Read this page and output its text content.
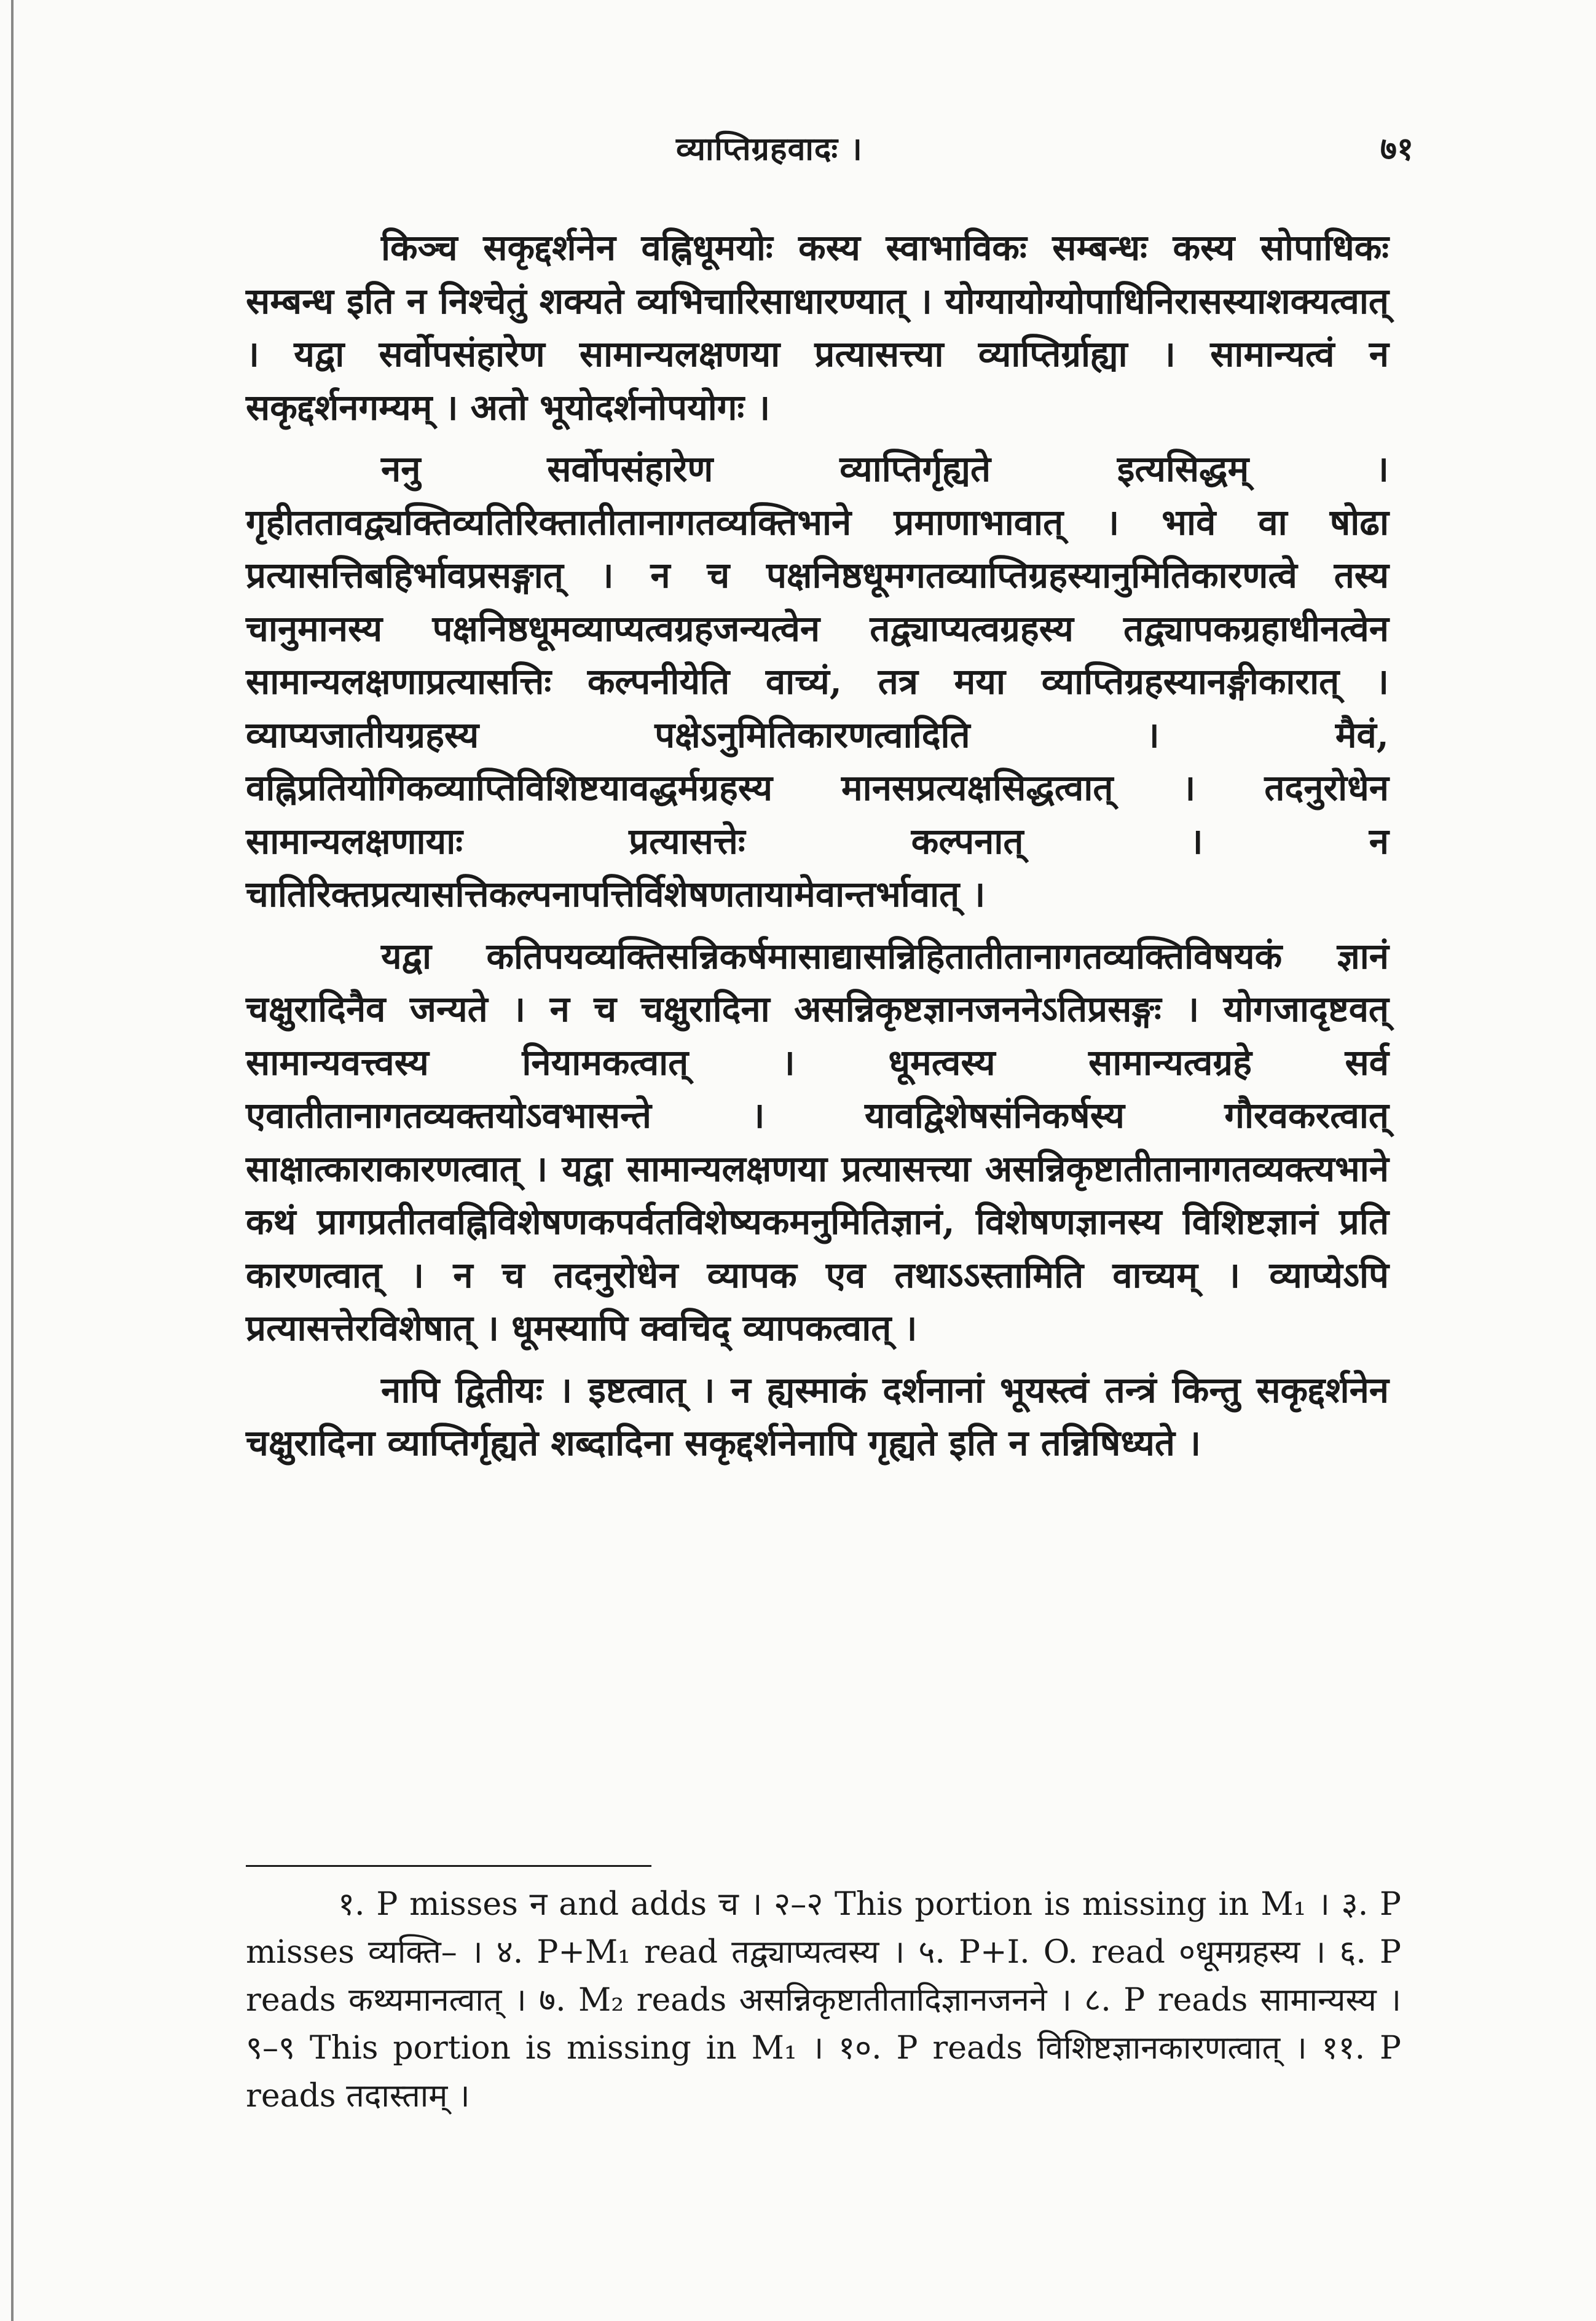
व्याप्तिग्रहवादः ।	७१

किञ्च सकृद्दर्शनेन वह्निधूमयोः कस्य स्वाभाविकः सम्बन्धः कस्य सोपाधिकः सम्बन्ध इति न निश्चेतुं शक्यते व्यभिचारिसाधारण्यात् । योग्यायोग्योपाधिनिरासस्याशक्यत्वात् । यद्वा सर्वोपसंहारेण सामान्यलक्षणया प्रत्यासत्त्या व्याप्तिर्ग्राह्या । सामान्यत्वं न सकृद्दर्शनगम्यम् । अतो भूयोदर्शनोपयोगः ।

ननु सर्वोपसंहारेण व्याप्तिर्गृह्यते इत्यसिद्धम् । गृहीततावद्व्यक्तिव्यतिरिक्तातीतानागतव्यक्तिभाने प्रमाणाभावात् । भावे वा षोढा प्रत्यासत्तिबहिर्भावप्रसङ्गात् । न च पक्षनिष्ठधूमगतव्याप्तिग्रहस्यानुमितिकारणत्वे तस्य चानुमानस्य पक्षनिष्ठधूमव्याप्यत्वग्रहजन्यत्वेन तद्व्याप्यत्वग्रहस्य तद्व्यापकग्रहाधीनत्वेन सामान्यलक्षणाप्रत्यासत्तिः कल्पनीयेति वाच्यं, तत्र मया व्याप्तिग्रहस्यानङ्गीकारात् । व्याप्यजातीयग्रहस्य पक्षेऽनुमितिकारणत्वादिति । मैवं, वह्निप्रतियोगिकव्याप्तिविशिष्टयावद्धर्मग्रहस्य मानसप्रत्यक्षसिद्धत्वात् । तदनुरोधेन सामान्यलक्षणायाः प्रत्यासत्तेः कल्पनात् । न चातिरिक्तप्रत्यासत्तिकल्पनापत्तिर्विशेषणतायामेवान्तर्भावात् ।

यद्वा कतिपयव्यक्तिसन्निकर्षमासाद्यासन्निहितातीतानागतव्यक्तिविषयकं ज्ञानं चक्षुरादिनैव जन्यते । न च चक्षुरादिना असन्निकृष्टज्ञानजननेऽतिप्रसङ्गः । योगजादृष्टवत् सामान्यवत्त्वस्य नियामकत्वात् । धूमत्वस्य सामान्यत्वग्रहे सर्व एवातीतानागतव्यक्तयोऽवभासन्ते । यावद्विशेषसंनिकर्षस्य गौरवकरत्वात् साक्षात्काराकारणत्वात् । यद्वा सामान्यलक्षणया प्रत्यासत्त्या असन्निकृष्टातीतानागतव्यक्त्यभाने कथं प्रागप्रतीतवह्निविशेषणकपर्वतविशेष्यकमनुमितिज्ञानं, विशेषणज्ञानस्य विशिष्टज्ञानं प्रति कारणत्वात् । न च तदनुरोधेन व्यापक एव तथाऽऽस्तामिति वाच्यम् । व्याप्येऽपि प्रत्यासत्तेरविशेषात् । धूमस्यापि क्वचिद् व्यापकत्वात् ।

नापि द्वितीयः । इष्टत्वात् । न ह्यस्माकं दर्शनानां भूयस्त्वं तन्त्रं किन्तु सकृद्दर्शनेन चक्षुरादिना व्याप्तिर्गृह्यते शब्दादिना सकृद्दर्शनेनापि गृह्यते इति न तन्निषिध्यते ।

१. P misses न and adds च । २–२ This portion is missing in M₁ । ३. P misses व्यक्ति– । ४. P+M₁ read तद्व्याप्यत्वस्य । ५. P+I. O. read ०धूमग्रहस्य । ६. P reads कथ्यमानत्वात् । ७. M₂ reads असन्निकृष्टातीतादिज्ञानजनने । ८. P reads सामान्यस्य । ९–९ This portion is missing in M₁ । १०. P reads विशिष्टज्ञानकारणत्वात् । ११. P reads तदास्ताम् ।
